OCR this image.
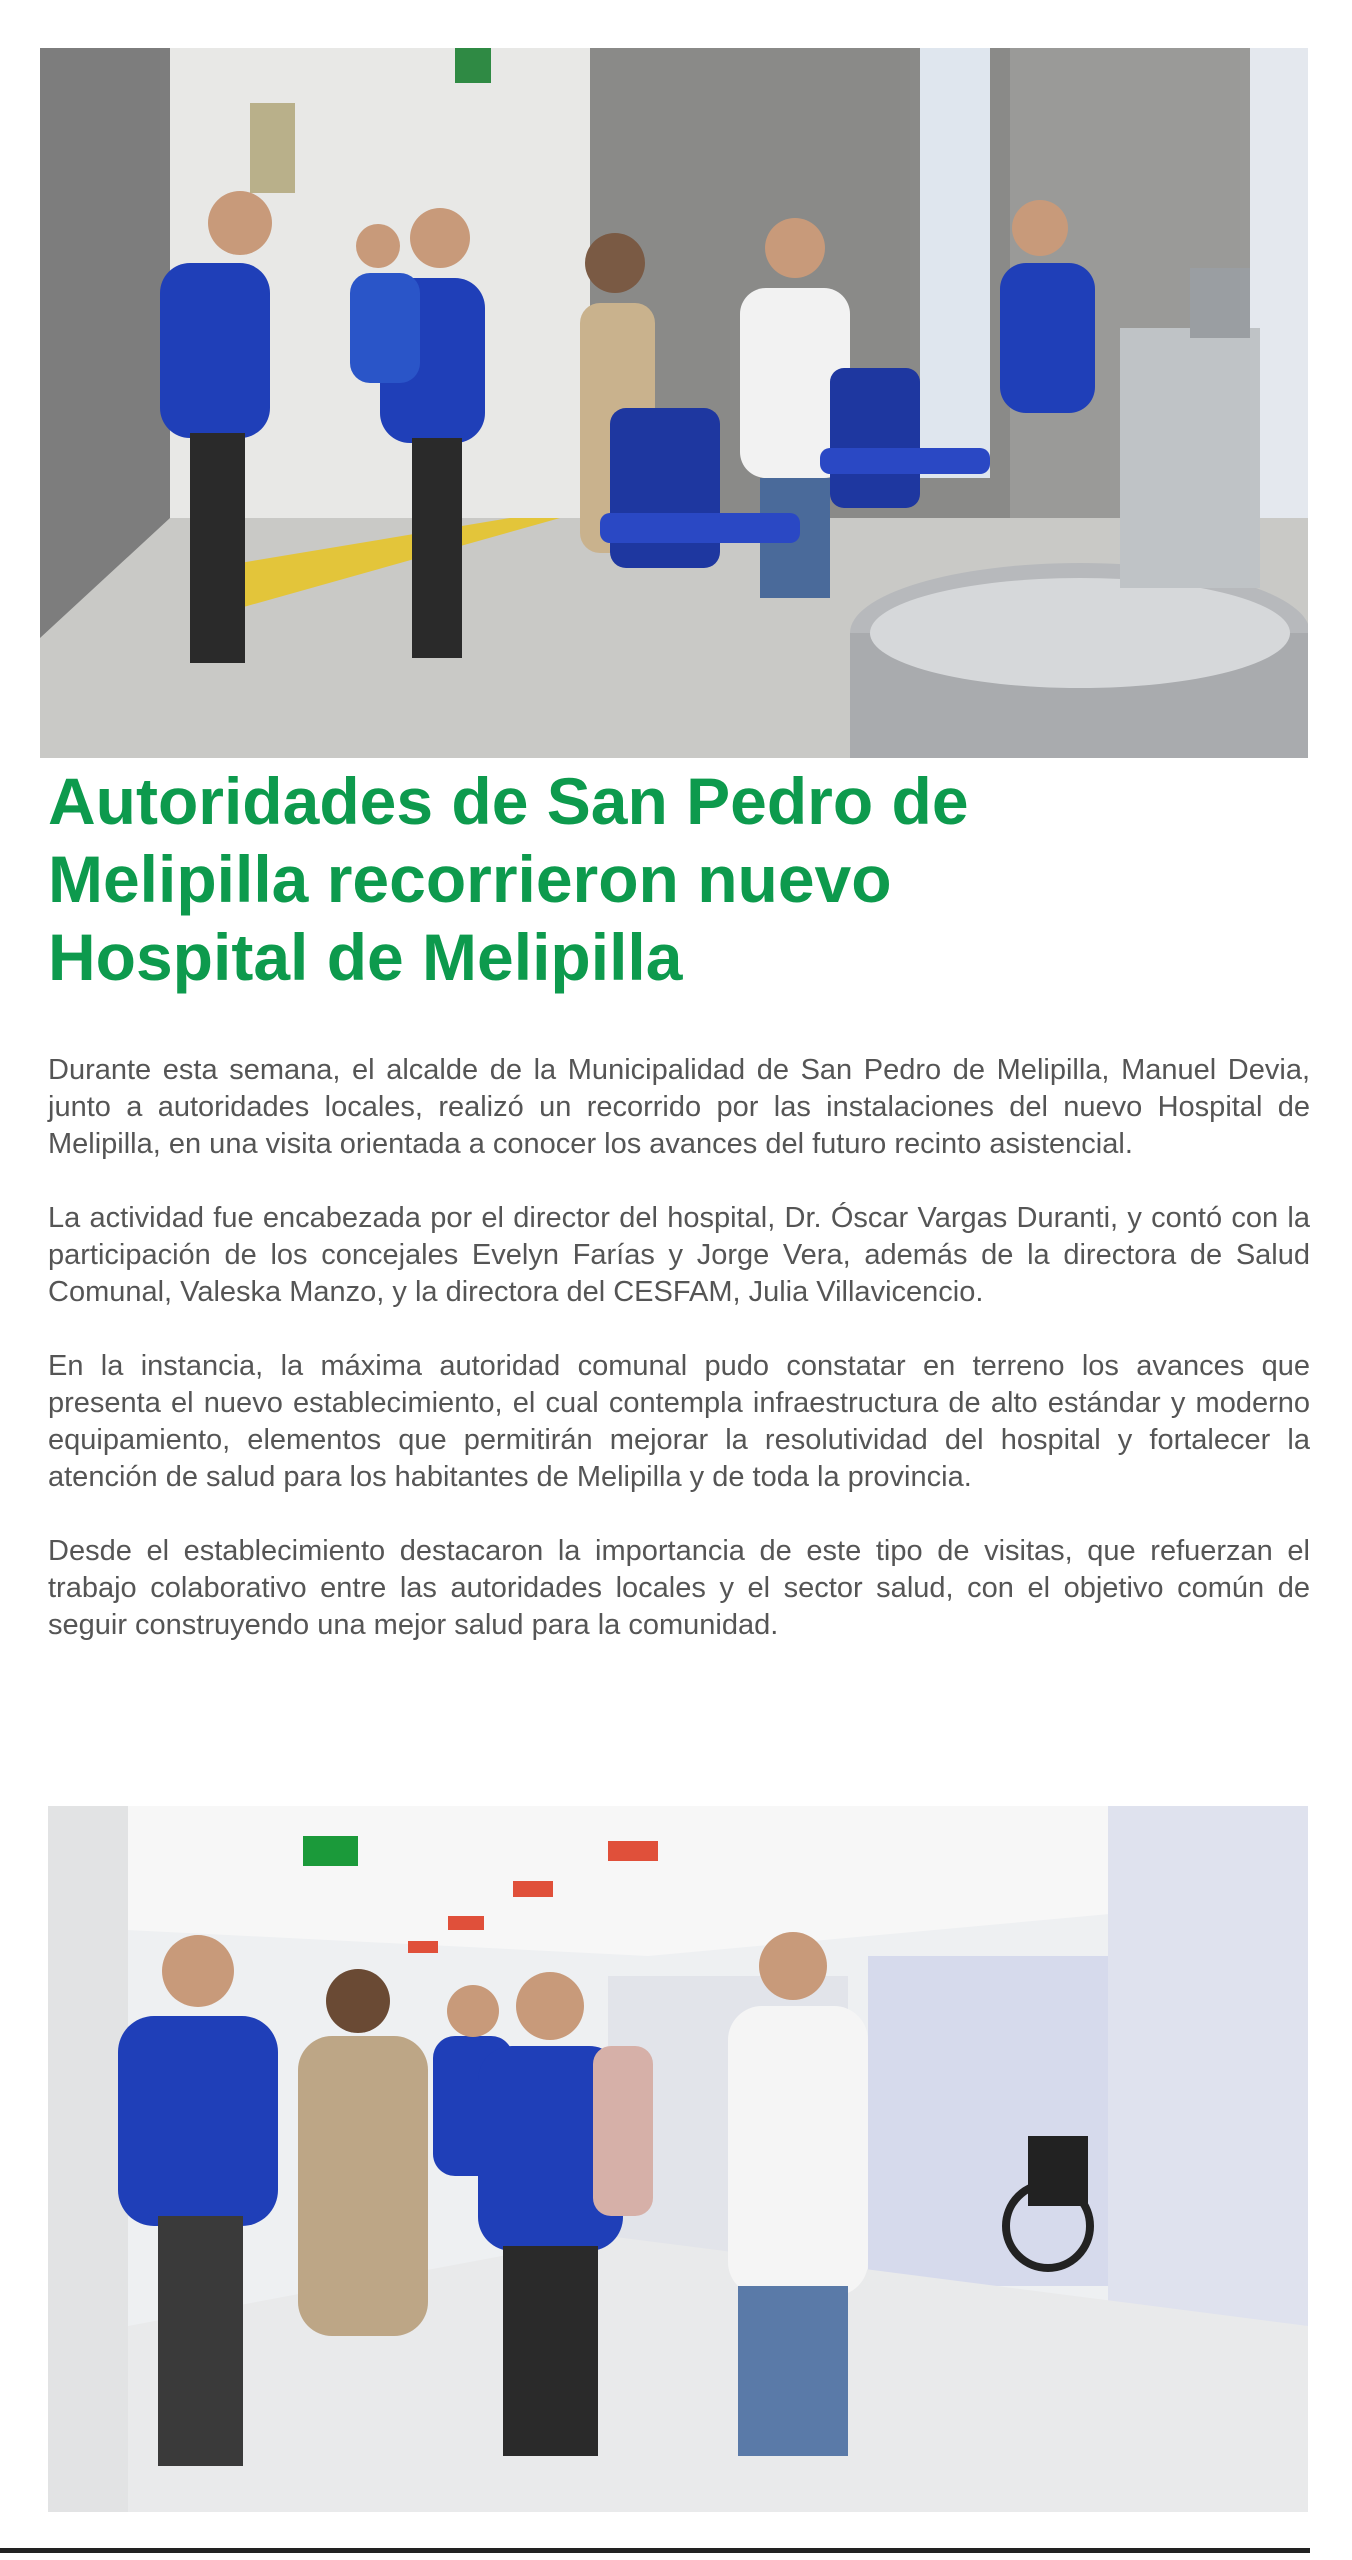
Autoridades de San Pedro de
Melipilla recorrieron nuevo
Hospital de Melipilla

Durante esta semana, el alcalde de la Municipalidad de San Pedro de Melipilla, Manuel Devia, junto a autoridades locales, realizó un recorrido por las instalaciones del nuevo Hospital de Melipilla, en una visita orientada a conocer los avances del futuro recinto asistencial.

La actividad fue encabezada por el director del hospital, Dr. Óscar Vargas Duranti, y contó con la participación de los concejales Evelyn Farías y Jorge Vera, además de la directora de Salud Comunal, Valeska Manzo, y la directora del CESFAM, Julia Villavicencio.

En la instancia, la máxima autoridad comunal pudo constatar en terreno los avances que presenta el nuevo establecimiento, el cual contempla infraestructura de alto estándar y moderno equipamiento, elementos que permitirán mejorar la resolutividad del hospital y fortalecer la atención de salud para los habitantes de Melipilla y de toda la provincia.

Desde el establecimiento destacaron la importancia de este tipo de visitas, que refuerzan el trabajo colaborativo entre las autoridades locales y el sector salud, con el objetivo común de seguir construyendo una mejor salud para la comunidad.
